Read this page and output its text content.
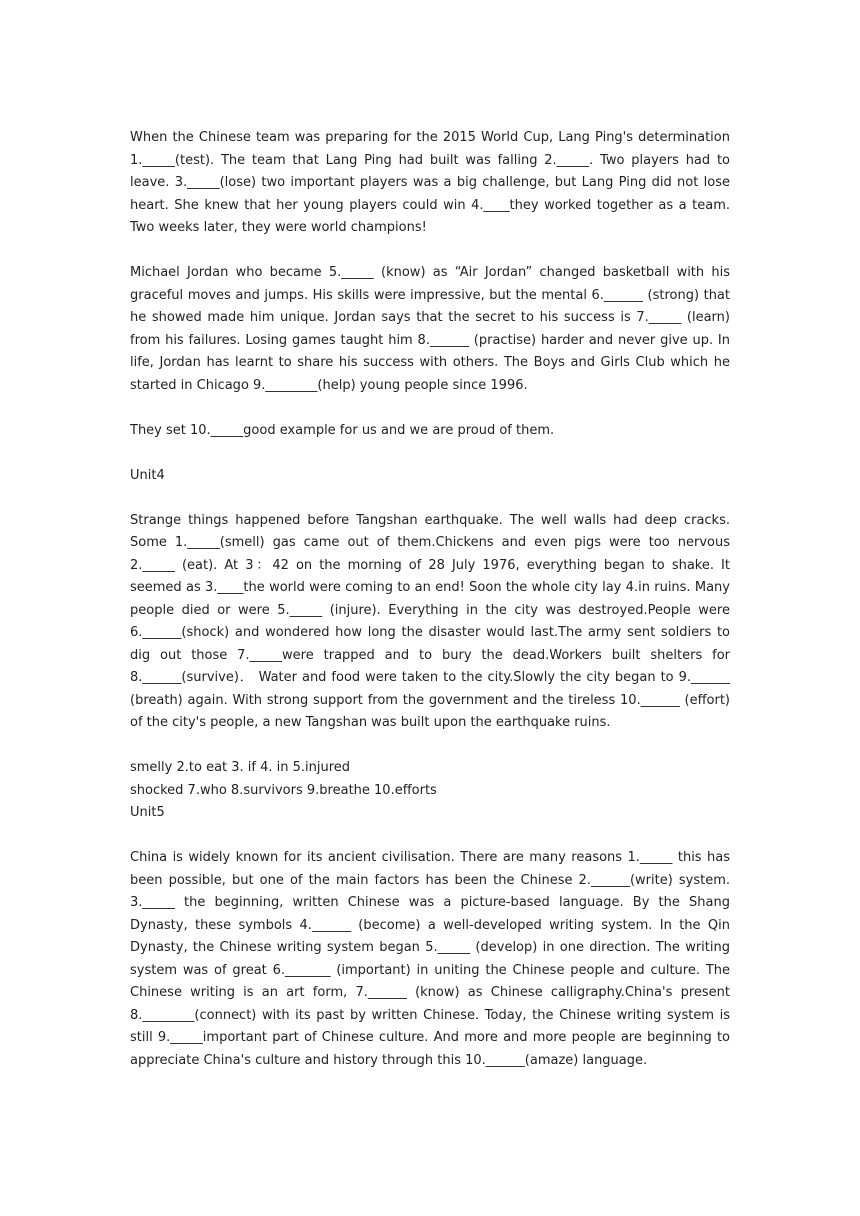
When the Chinese team was preparing for the 2015 World Cup, Lang Ping's determination 1._____(test). The team that Lang Ping had built was falling 2._____. Two players had to leave. 3._____(lose) two important players was a big challenge, but Lang Ping did not lose heart. She knew that her young players could win 4.____they worked together as a team. Two weeks later, they were world champions!

Michael Jordan who became 5._____ (know) as “Air Jordan” changed basketball with his graceful moves and jumps. His skills were impressive, but the mental 6.______ (strong) that he showed made him unique. Jordan says that the secret to his success is 7._____ (learn) from his failures. Losing games taught him 8.______ (practise) harder and never give up. In life, Jordan has learnt to share his success with others. The Boys and Girls Club which he started in Chicago 9.________(help) young people since 1996.

They set 10._____good example for us and we are proud of them.

Unit4

Strange things happened before Tangshan earthquake. The well walls had deep cracks. Some 1._____(smell) gas came out of them.Chickens and even pigs were too nervous 2._____ (eat). At 3：42 on the morning of 28 July 1976, everything began to shake. It seemed as 3.____the world were coming to an end! Soon the whole city lay 4.in ruins. Many people died or were 5._____ (injure). Everything in the city was destroyed.People were 6.______(shock) and wondered how long the disaster would last.The army sent soldiers to dig out those 7._____were trapped and to bury the dead.Workers built shelters for 8.______(survive)． Water and food were taken to the city.Slowly the city began to 9.______ (breath) again. With strong support from the government and the tireless 10.______ (effort) of the city's people, a new Tangshan was built upon the earthquake ruins.

smelly 2.to eat 3. if 4. in 5.injured

shocked 7.who 8.survivors 9.breathe 10.efforts

Unit5

China is widely known for its ancient civilisation. There are many reasons 1._____ this has been possible, but one of the main factors has been the Chinese 2.______(write) system. 3._____ the beginning, written Chinese was a picture-based language. By the Shang Dynasty, these symbols 4.______ (become) a well-developed writing system. In the Qin Dynasty, the Chinese writing system began 5._____ (develop) in one direction. The writing system was of great 6._______ (important) in uniting the Chinese people and culture. The Chinese writing is an art form, 7.______ (know) as Chinese calligraphy.China's present 8.________(connect) with its past by written Chinese. Today, the Chinese writing system is still 9._____important part of Chinese culture. And more and more people are beginning to appreciate China's culture and history through this 10.______(amaze) language.
